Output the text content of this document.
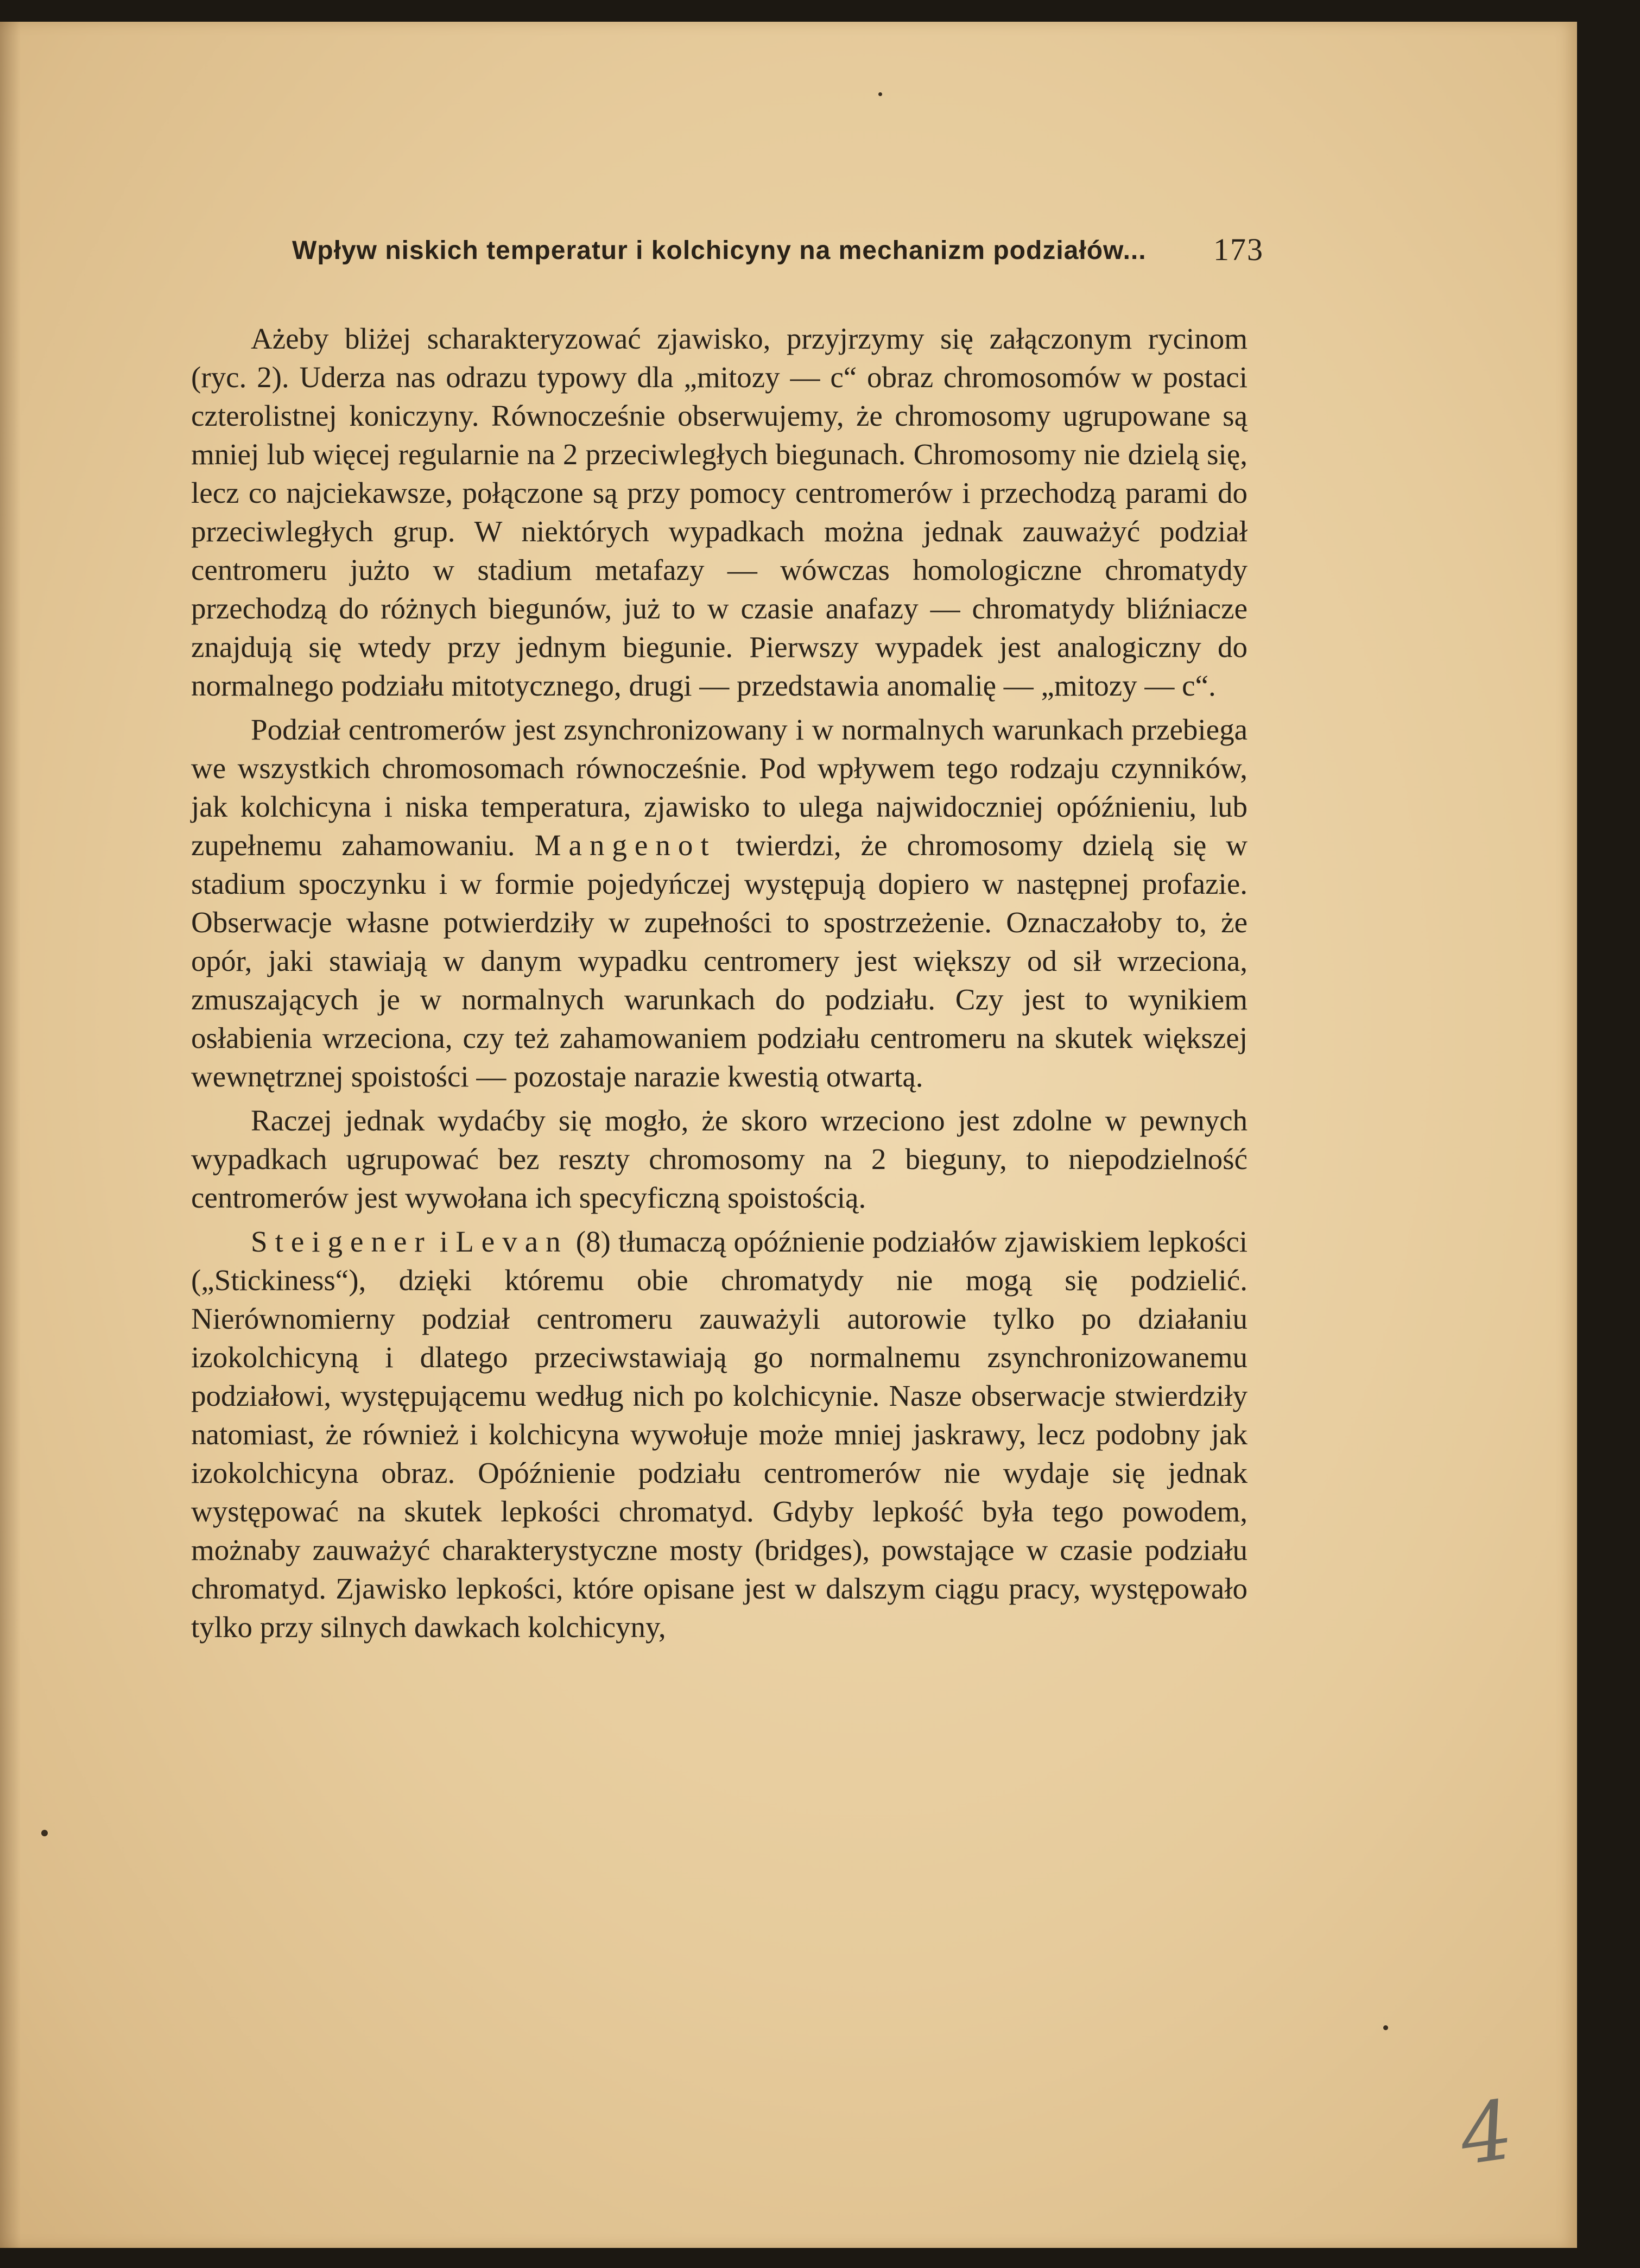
Wpływ niskich temperatur i kolchicyny na mechanizm podziałów... 173

Ażeby bliżej scharakteryzować zjawisko, przyjrzymy się załączonym rycinom (ryc. 2). Uderza nas odrazu typowy dla „mitozy — c“ obraz chromosomów w postaci czterolistnej koniczyny. Równocześnie obserwujemy, że chromosomy ugrupowane są mniej lub więcej regularnie na 2 przeciwległych biegunach. Chromosomy nie dzielą się, lecz co najciekawsze, połączone są przy pomocy centromerów i przechodzą parami do przeciwległych grup. W niektórych wypadkach można jednak zauważyć podział centromeru jużto w stadium metafazy — wówczas homologiczne chromatydy przechodzą do różnych biegunów, już to w czasie anafazy — chromatydy bliźniacze znajdują się wtedy przy jednym biegunie. Pierwszy wypadek jest analogiczny do normalnego podziału mitotycznego, drugi — przedstawia anomalię — „mitozy — c“.

Podział centromerów jest zsynchronizowany i w normalnych warunkach przebiega we wszystkich chromosomach równocześnie. Pod wpływem tego rodzaju czynników, jak kolchicyna i niska temperatura, zjawisko to ulega najwidoczniej opóźnieniu, lub zupełnemu zahamowaniu. Mangenot twierdzi, że chromosomy dzielą się w stadium spoczynku i w formie pojedyńczej występują dopiero w następnej profazie. Obserwacje własne potwierdziły w zupełności to spostrzeżenie. Oznaczałoby to, że opór, jaki stawiają w danym wypadku centromery jest większy od sił wrzeciona, zmuszających je w normalnych warunkach do podziału. Czy jest to wynikiem osłabienia wrzeciona, czy też zahamowaniem podziału centromeru na skutek większej wewnętrznej spoistości — pozostaje narazie kwestią otwartą.

Raczej jednak wydaćby się mogło, że skoro wrzeciono jest zdolne w pewnych wypadkach ugrupować bez reszty chromosomy na 2 bieguny, to niepodzielność centromerów jest wywołana ich specyficzną spoistością.

Steigener i Levan (8) tłumaczą opóźnienie podziałów zjawiskiem lepkości („Stickiness“), dzięki któremu obie chromatydy nie mogą się podzielić. Nierównomierny podział centromeru zauważyli autorowie tylko po działaniu izokolchicyną i dlatego przeciwstawiają go normalnemu zsynchronizowanemu podziałowi, występującemu według nich po kolchicynie. Nasze obserwacje stwierdziły natomiast, że również i kolchicyna wywołuje może mniej jaskrawy, lecz podobny jak izokolchicyna obraz. Opóźnienie podziału centromerów nie wydaje się jednak występować na skutek lepkości chromatyd. Gdyby lepkość była tego powodem, możnaby zauważyć charakterystyczne mosty (bridges), powstające w czasie podziału chromatyd. Zjawisko lepkości, które opisane jest w dalszym ciągu pracy, występowało tylko przy silnych dawkach kolchicyny,

4
